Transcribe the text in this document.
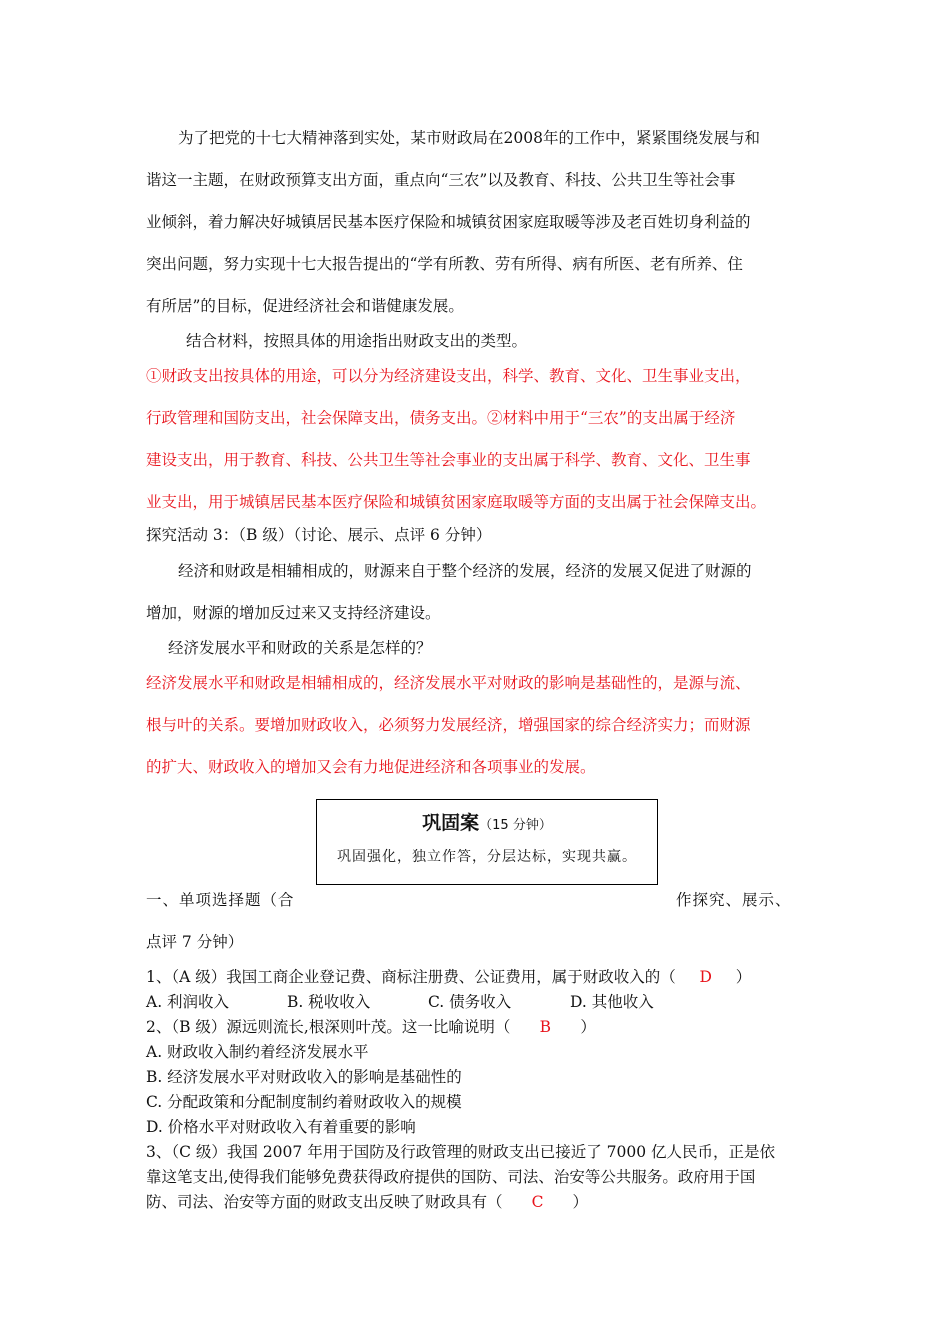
为了把党的十七大精神落到实处，某市财政局在2008年的工作中，紧紧围绕发展与和
谐这一主题，在财政预算支出方面，重点向“三农”以及教育、科技、公共卫生等社会事
业倾斜，着力解决好城镇居民基本医疗保险和城镇贫困家庭取暖等涉及老百姓切身利益的
突出问题，努力实现十七大报告提出的“学有所教、劳有所得、病有所医、老有所养、住
有所居”的目标，促进经济社会和谐健康发展。
结合材料，按照具体的用途指出财政支出的类型。
①财政支出按具体的用途，可以分为经济建设支出，科学、教育、文化、卫生事业支出，
行政管理和国防支出，社会保障支出，债务支出。②材料中用于“三农”的支出属于经济
建设支出，用于教育、科技、公共卫生等社会事业的支出属于科学、教育、文化、卫生事
业支出，用于城镇居民基本医疗保险和城镇贫困家庭取暖等方面的支出属于社会保障支出。
探究活动 3：（B 级）（讨论、展示、点评 6 分钟）
经济和财政是相辅相成的，财源来自于整个经济的发展，经济的发展又促进了财源的
增加，财源的增加反过来又支持经济建设。
经济发展水平和财政的关系是怎样的？
经济发展水平和财政是相辅相成的，经济发展水平对财政的影响是基础性的，是源与流、
根与叶的关系。要增加财政收入，必须努力发展经济，增强国家的综合经济实力；而财源
的扩大、财政收入的增加又会有力地促进经济和各项事业的发展。
巩固案（15 分钟）
巩固强化，独立作答，分层达标，实现共赢。
一、单项选择题（合	作探究、展示、
点评 7 分钟）
1、（A 级）我国工商企业登记费、商标注册费、公证费用，属于财政收入的（ D ）
A. 利润收入	B. 税收收入	C. 债务收入	D. 其他收入
2、（B 级）源远则流长,根深则叶茂。这一比喻说明（ B ）
A. 财政收入制约着经济发展水平
B. 经济发展水平对财政收入的影响是基础性的
C. 分配政策和分配制度制约着财政收入的规模
D. 价格水平对财政收入有着重要的影响
3、（C 级）我国 2007 年用于国防及行政管理的财政支出已接近了 7000 亿人民币，正是依
靠这笔支出,使得我们能够免费获得政府提供的国防、司法、治安等公共服务。政府用于国
防、司法、治安等方面的财政支出反映了财政具有（ C ）
